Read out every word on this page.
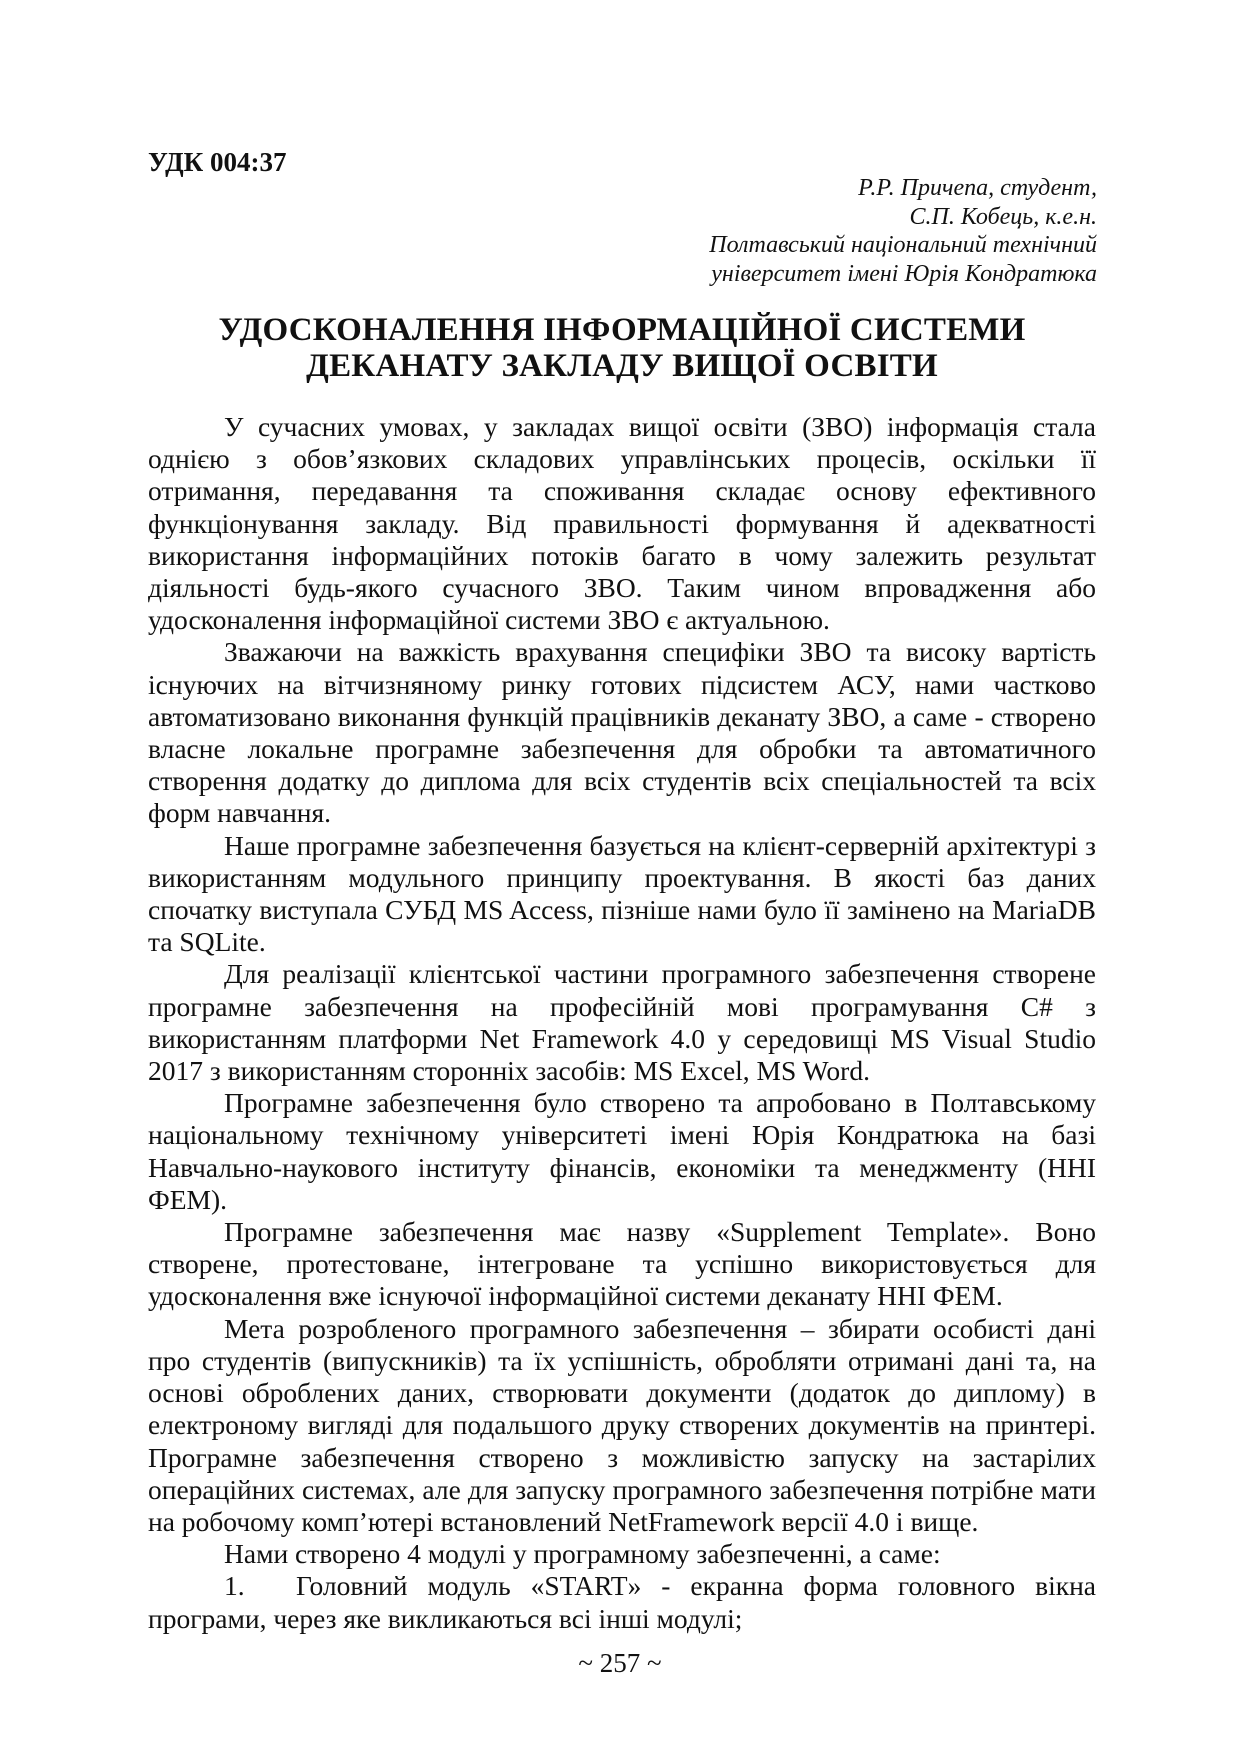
УДК 004:37
Р.Р. Причепа, студент,
С.П. Кобець, к.е.н.
Полтавський національний технічний
університет імені Юрія Кондратюка
УДОСКОНАЛЕННЯ ІНФОРМАЦІЙНОЇ СИСТЕМИ
ДЕКАНАТУ ЗАКЛАДУ ВИЩОЇ ОСВІТИ

У сучасних умовах, у закладах вищої освіти (ЗВО) інформація стала однією з обов’язкових складових управлінських процесів, оскільки її отримання, передавання та споживання складає основу ефективного функціонування закладу. Від правильності формування й адекватності використання інформаційних потоків багато в чому залежить результат діяльності будь-якого сучасного ЗВО. Таким чином впровадження або удосконалення інформаційної системи ЗВО є актуальною.

Зважаючи на важкість врахування специфіки ЗВО та високу вартість існуючих на вітчизняному ринку готових підсистем АСУ, нами частково автоматизовано виконання функцій працівників деканату ЗВО, а саме - створено власне локальне програмне забезпечення для обробки та автоматичного створення додатку до диплома для всіх студентів всіх спеціальностей та всіх форм навчання.

Наше програмне забезпечення базується на клієнт-серверній архітектурі з використанням модульного принципу проектування. В якості баз даних спочатку виступала СУБД MS Access, пізніше нами було її замінено на MariaDB та SQLite.

Для реалізації клієнтської частини програмного забезпечення створене програмне забезпечення на професійній мові програмування C# з використанням платформи Net Framework 4.0 у середовищі MS Visual Studio 2017 з використанням сторонніх засобів: MS Excel, MS Word.

Програмне забезпечення було створено та апробовано в Полтавському національному технічному університеті імені Юрія Кондратюка на базі Навчально-наукового інституту фінансів, економіки та менеджменту (ННІ ФЕМ).

Програмне забезпечення має назву «Supplement Template». Воно створене, протестоване, інтегроване та успішно використовується для удосконалення вже існуючої інформаційної системи деканату ННІ ФЕМ.

Мета розробленого програмного забезпечення – збирати особисті дані про студентів (випускників) та їх успішність, обробляти отримані дані та, на основі оброблених даних, створювати документи (додаток до диплому) в електроному вигляді для подальшого друку створених документів на принтері. Програмне забезпечення створено з можливістю запуску на застарілих операційних системах, але для запуску програмного забезпечення потрібне мати на робочому комп’ютері встановлений NetFramework версії 4.0 і вище.

Нами створено 4 модулі у програмному забезпеченні, а саме:

1. Головний модуль «START» - екранна форма головного вікна програми, через яке викликаються всі інші модулі;
~ 257 ~
